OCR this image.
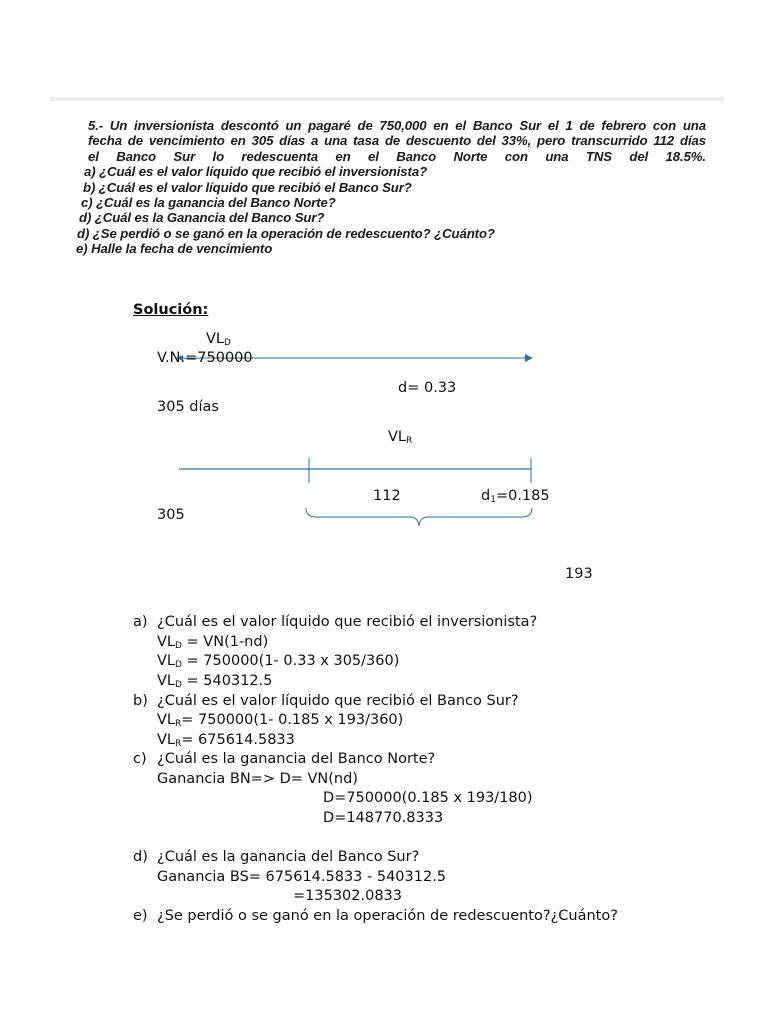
5.- Un inversionista descontó un pagaré de 750,000 en el Banco Sur el 1 de febrero con una
fecha de vencimiento en 305 días a una tasa de descuento del 33%, pero transcurrido 112 días
el Banco Sur lo redescuenta en el Banco Norte con una TNS del 18.5%.
a) ¿Cuál es el valor líquido que recibió el inversionista?
b) ¿Cuál es el valor líquido que recibió el Banco Sur?
c) ¿Cuál es la ganancia del Banco Norte?
d) ¿Cuál es la Ganancia del Banco Sur?
d) ¿Se perdió o se ganó en la operación de redescuento? ¿Cuánto?
e) Halle la fecha de vencimiento
Solución:
$VL_D$
V.N.=750000
d= 0.33
305 días
$VL_R$
112	$d_1=0.185$
305
193
a) ¿Cuál es el valor líquido que recibió el inversionista?
$VL_D = VN(1-nd)$
$VL_D = 750000(1-$ 0.33 x 305/360)
$VL_D = 540312.5$
b) ¿Cuál es el valor líquido que recibió el Banco Sur?
$VL_R= 750000(1-$ 0.185 x 193/360)
$VL_R= 675614.5833$
c) ¿Cuál es la ganancia del Banco Norte?
Ganancia BN=> D= VN(nd)
D=750000(0.185 x 193/180)
D=148770.8333
d) ¿Cuál es la ganancia del Banco Sur?
Ganancia BS= 675614.5833 - 540312.5
=135302.0833
e) ¿Se perdió o se ganó en la operación de redescuento?¿Cuánto?
